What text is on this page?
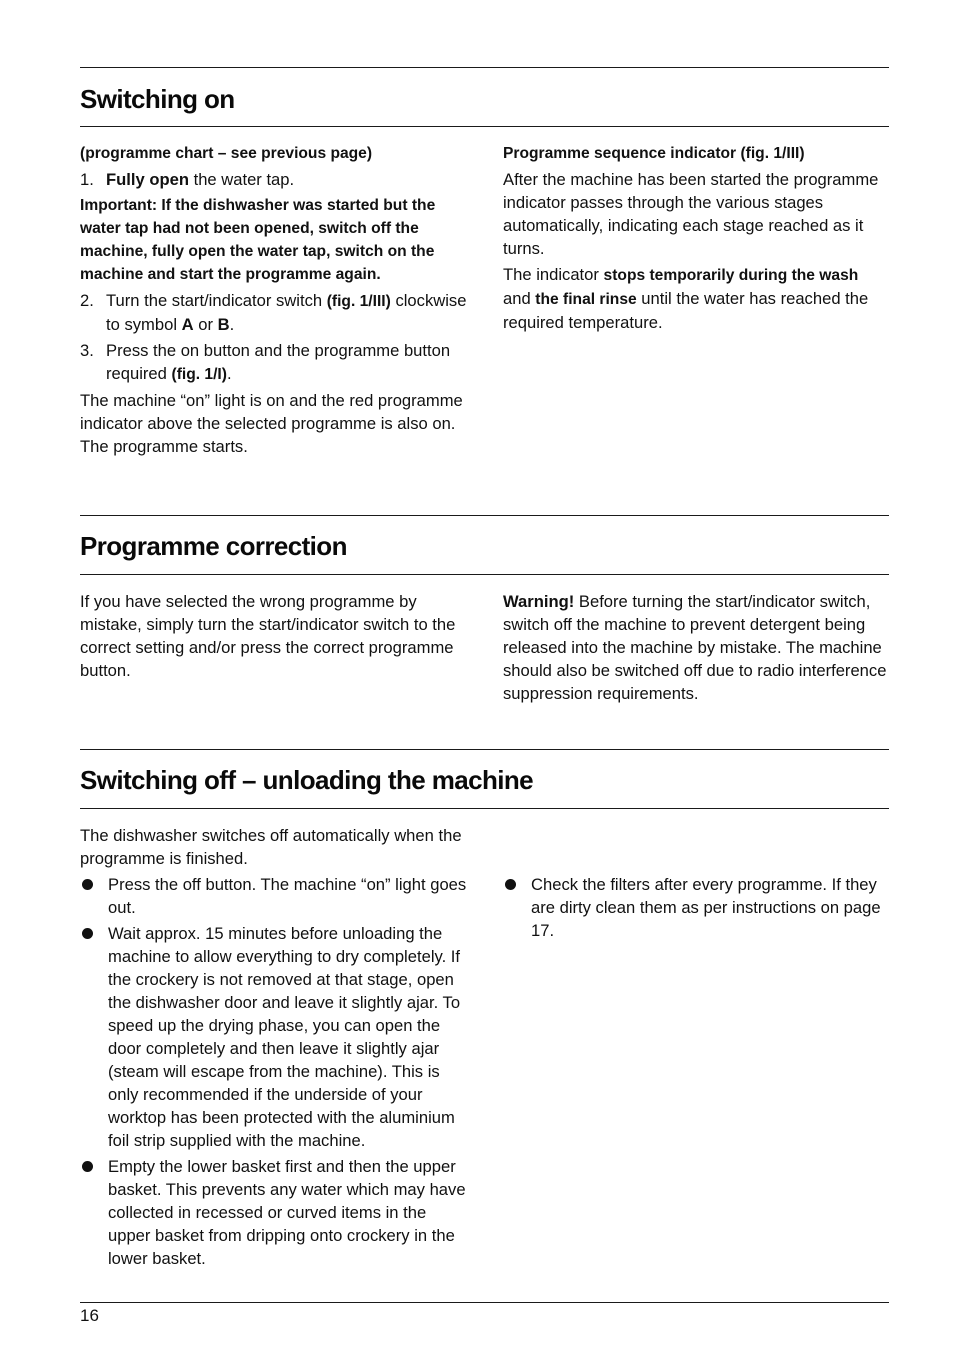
Switching on

(programme chart – see previous page)

1. Fully open the water tap.

Important: If the dishwasher was started but the water tap had not been opened, switch off the machine, fully open the water tap, switch on the machine and start the programme again.

2. Turn the start/indicator switch (fig. 1/III) clockwise to symbol A or B.
3. Press the on button and the programme button required (fig. 1/I).

The machine “on” light is on and the red programme indicator above the selected programme is also on. The programme starts.

Programme sequence indicator (fig. 1/III)

After the machine has been started the programme indicator passes through the various stages automatically, indicating each stage reached as it turns.

The indicator stops temporarily during the wash and the final rinse until the water has reached the required temperature.

Programme correction

If you have selected the wrong programme by mistake, simply turn the start/indicator switch to the correct setting and/or press the correct programme button.

Warning! Before turning the start/indicator switch, switch off the machine to prevent detergent being released into the machine by mistake. The machine should also be switched off due to radio interference suppression requirements.

Switching off – unloading the machine

The dishwasher switches off automatically when the programme is finished.

Press the off button. The machine “on” light goes out.
Wait approx. 15 minutes before unloading the machine to allow everything to dry completely. If the crockery is not removed at that stage, open the dishwasher door and leave it slightly ajar. To speed up the drying phase, you can open the door completely and then leave it slightly ajar (steam will escape from the machine). This is only recommended if the underside of your worktop has been protected with the aluminium foil strip supplied with the machine.
Empty the lower basket first and then the upper basket. This prevents any water which may have collected in recessed or curved items in the upper basket from dripping onto crockery in the lower basket.
Check the filters after every programme. If they are dirty clean them as per instructions on page 17.
16
